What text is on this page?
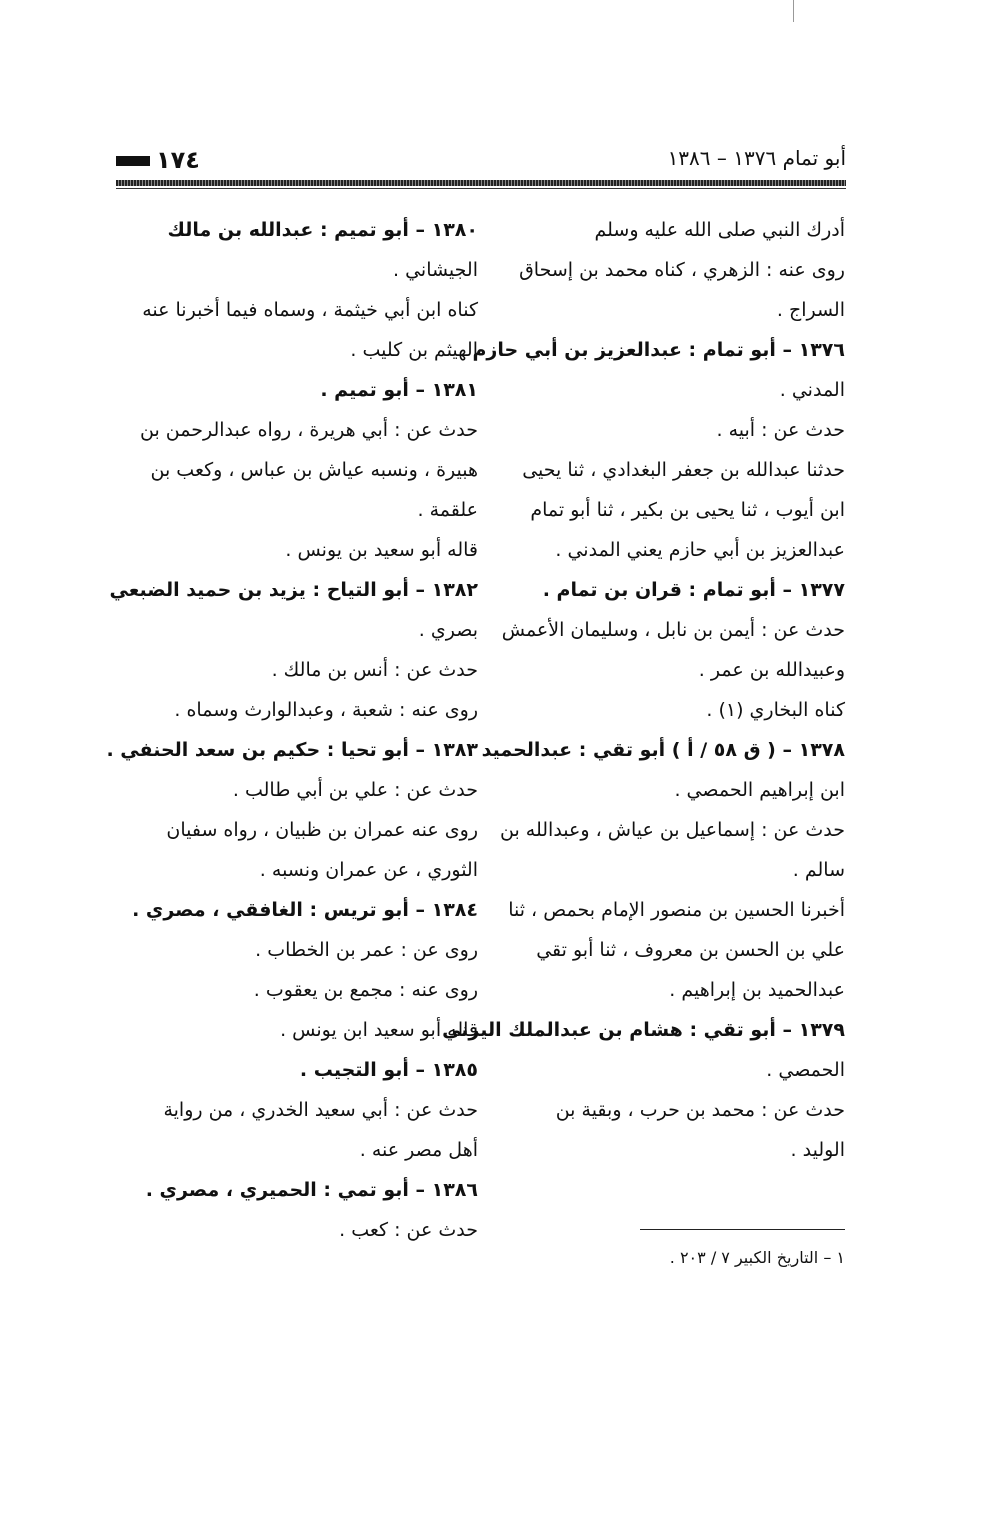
أبو تمام ١٣٧٦ – ١٣٨٦
١٧٤
أدرك النبي صلى الله عليه وسلم
روى عنه : الزهري ، كناه محمد بن إسحاق
السراج .
١٣٧٦ – أبو تمام : عبدالعزيز بن أبي حازم
المدني .
حدث عن : أبيه .
حدثنا عبدالله بن جعفر البغدادي ، ثنا يحيى
ابن أيوب ، ثنا يحيى بن بكير ، ثنا أبو تمام
عبدالعزيز بن أبي حازم يعني المدني .
١٣٧٧ – أبو تمام : قران بن تمام .
حدث عن : أيمن بن نابل ، وسليمان الأعمش
وعبيدالله بن عمر .
كناه البخاري (١) .
١٣٧٨ – ( ق ٥٨ / أ ) أبو تقي : عبدالحميد
ابن إبراهيم الحمصي .
حدث عن : إسماعيل بن عياش ، وعبدالله بن
سالم .
أخبرنا الحسين بن منصور الإمام بحمص ، ثنا
علي بن الحسن بن معروف ، ثنا أبو تقي
عبدالحميد بن إبراهيم .
١٣٧٩ – أبو تقي : هشام بن عبدالملك اليزني
الحمصي .
حدث عن : محمد بن حرب ، وبقية بن
الوليد .
١٣٨٠ – أبو تميم : عبدالله بن مالك
الجيشاني .
كناه ابن أبي خيثمة ، وسماه فيما أخبرنا عنه
الهيثم بن كليب .
١٣٨١ – أبو تميم .
حدث عن : أبي هريرة ، رواه عبدالرحمن بن
هبيرة ، ونسبه عياش بن عباس ، وكعب بن
علقمة .
قاله أبو سعيد بن يونس .
١٣٨٢ – أبو التياح : يزيد بن حميد الضبعي
بصري .
حدث عن : أنس بن مالك .
روى عنه : شعبة ، وعبدالوارث وسماه .
١٣٨٣ – أبو تحيا : حكيم بن سعد الحنفي .
حدث عن : علي بن أبي طالب .
روى عنه عمران بن ظبيان ، رواه سفيان
الثوري ، عن عمران ونسبه .
١٣٨٤ – أبو تريس : الغافقي ، مصري .
روى عن : عمر بن الخطاب .
روى عنه : مجمع بن يعقوب .
قاله أبو سعيد ابن يونس .
١٣٨٥ – أبو التجيب .
حدث عن : أبي سعيد الخدري ، من رواية
أهل مصر عنه .
١٣٨٦ – أبو تمي : الحميري ، مصري .
حدث عن : كعب .
١ – التاريخ الكبير ٧ / ٢٠٣ .
